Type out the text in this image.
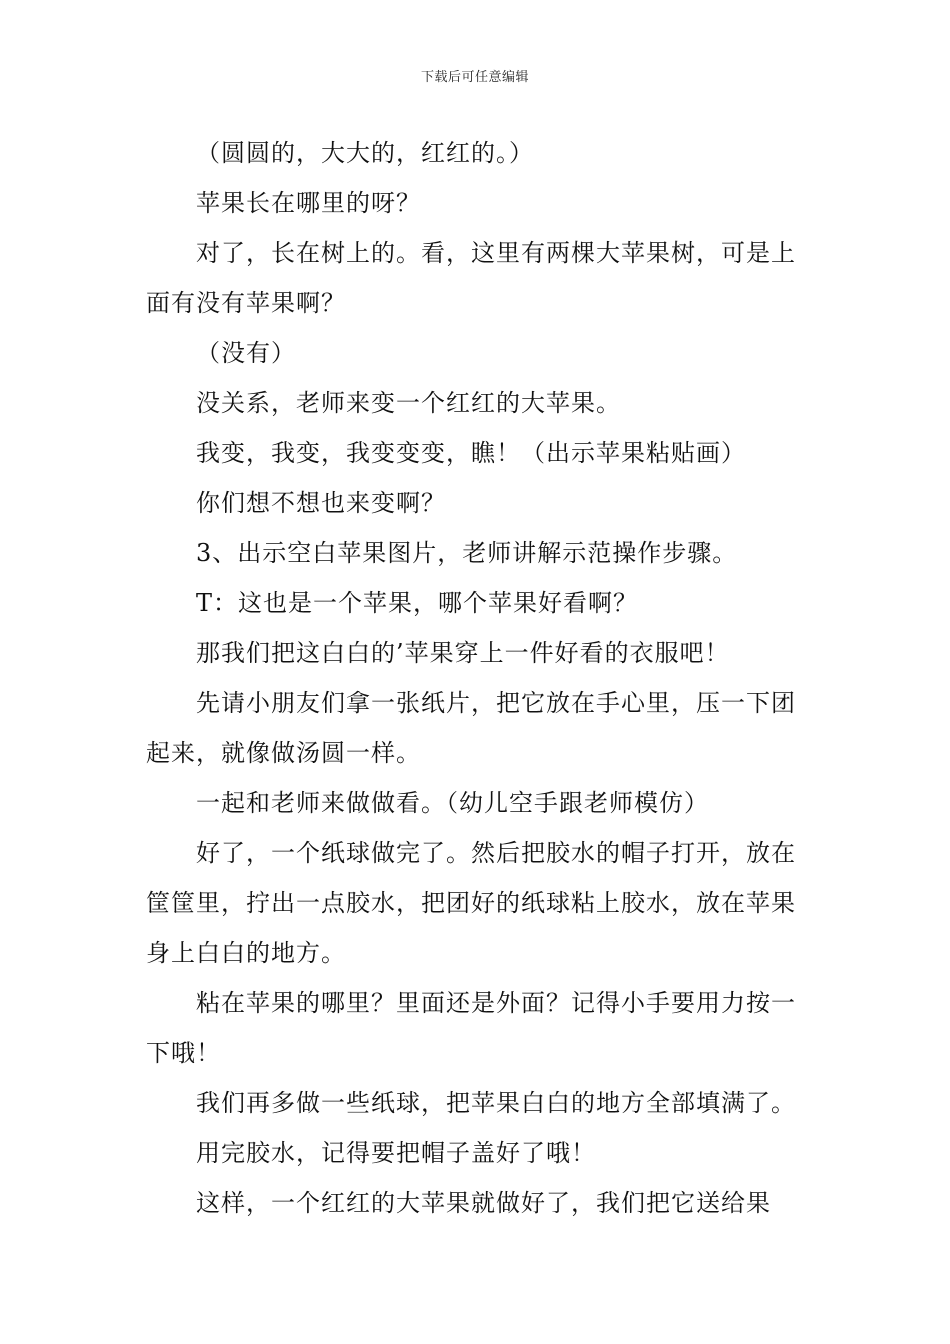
下载后可任意编辑

（圆圆的，大大的，红红的。）

苹果长在哪里的呀？

对了，长在树上的。看，这里有两棵大苹果树，可是上面有没有苹果啊？

（没有）

没关系，老师来变一个红红的大苹果。

我变，我变，我变变变，瞧！（出示苹果粘贴画）

你们想不想也来变啊？

3、出示空白苹果图片，老师讲解示范操作步骤。

T：这也是一个苹果，哪个苹果好看啊？

那我们把这白白的’苹果穿上一件好看的衣服吧！

先请小朋友们拿一张纸片，把它放在手心里，压一下团起来，就像做汤圆一样。

一起和老师来做做看。（幼儿空手跟老师模仿）

好了，一个纸球做完了。然后把胶水的帽子打开，放在筐筐里，拧出一点胶水，把团好的纸球粘上胶水，放在苹果身上白白的地方。

粘在苹果的哪里？里面还是外面？记得小手要用力按一下哦！

我们再多做一些纸球，把苹果白白的地方全部填满了。

用完胶水，记得要把帽子盖好了哦！

这样，一个红红的大苹果就做好了，我们把它送给果
